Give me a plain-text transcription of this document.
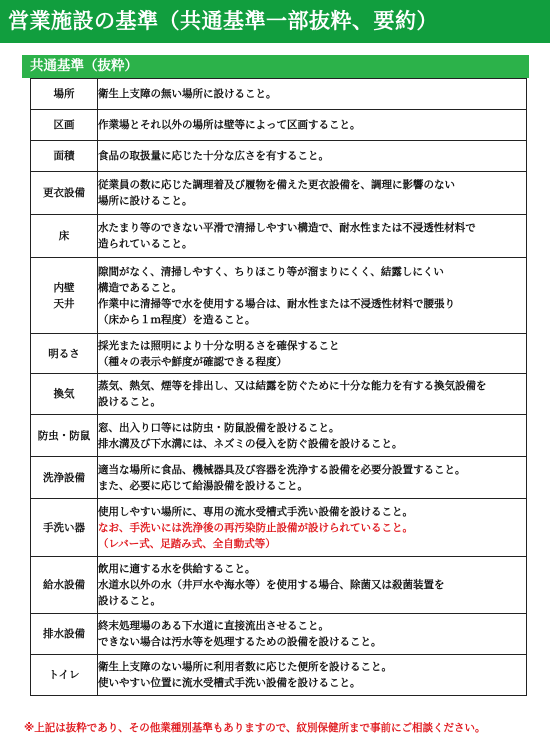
営業施設の基準（共通基準一部抜粋、要約）
共通基準（抜粋）
場所	衛生上支障の無い場所に設けること。

区画	作業場とそれ以外の場所は壁等によって区画すること。

面積	食品の取扱量に応じた十分な広さを有すること。

更衣設備	従業員の数に応じた調理着及び履物を備えた更衣設備を、調理に影響のない
場所に設けること。

床	水たまり等のできない平滑で清掃しやすい構造で、耐水性または不浸透性材料で
造られていること。

内壁
天井	隙間がなく、清掃しやすく、ちりほこり等が溜まりにくく、結露しにくい
構造であること。
作業中に清掃等で水を使用する場合は、耐水性または不浸透性材料で腰張り
（床から１ｍ程度）を造ること。

明るさ	採光または照明により十分な明るさを確保すること
（種々の表示や鮮度が確認できる程度）

換気	蒸気、熱気、煙等を排出し、又は結露を防ぐために十分な能力を有する換気設備を
設けること。

防虫・防鼠	窓、出入り口等には防虫・防鼠設備を設けること。
排水溝及び下水溝には、ネズミの侵入を防ぐ設備を設けること。

洗浄設備	適当な場所に食品、機械器具及び容器を洗浄する設備を必要分設置すること。
また、必要に応じて給湯設備を設けること。

手洗い器	使用しやすい場所に、専用の流水受槽式手洗い設備を設けること。
なお、手洗いには洗浄後の再汚染防止設備が設けられていること。
（レバー式、足踏み式、全自動式等）

給水設備	飲用に適する水を供給すること。
水道水以外の水（井戸水や海水等）を使用する場合、除菌又は殺菌装置を
設けること。

排水設備	終末処理場のある下水道に直接流出させること。
できない場合は汚水等を処理するための設備を設けること。

トイレ	衛生上支障のない場所に利用者数に応じた便所を設けること。
使いやすい位置に流水受槽式手洗い設備を設けること。
※上記は抜粋であり、その他業種別基準もありますので、紋別保健所まで事前にご相談ください。
